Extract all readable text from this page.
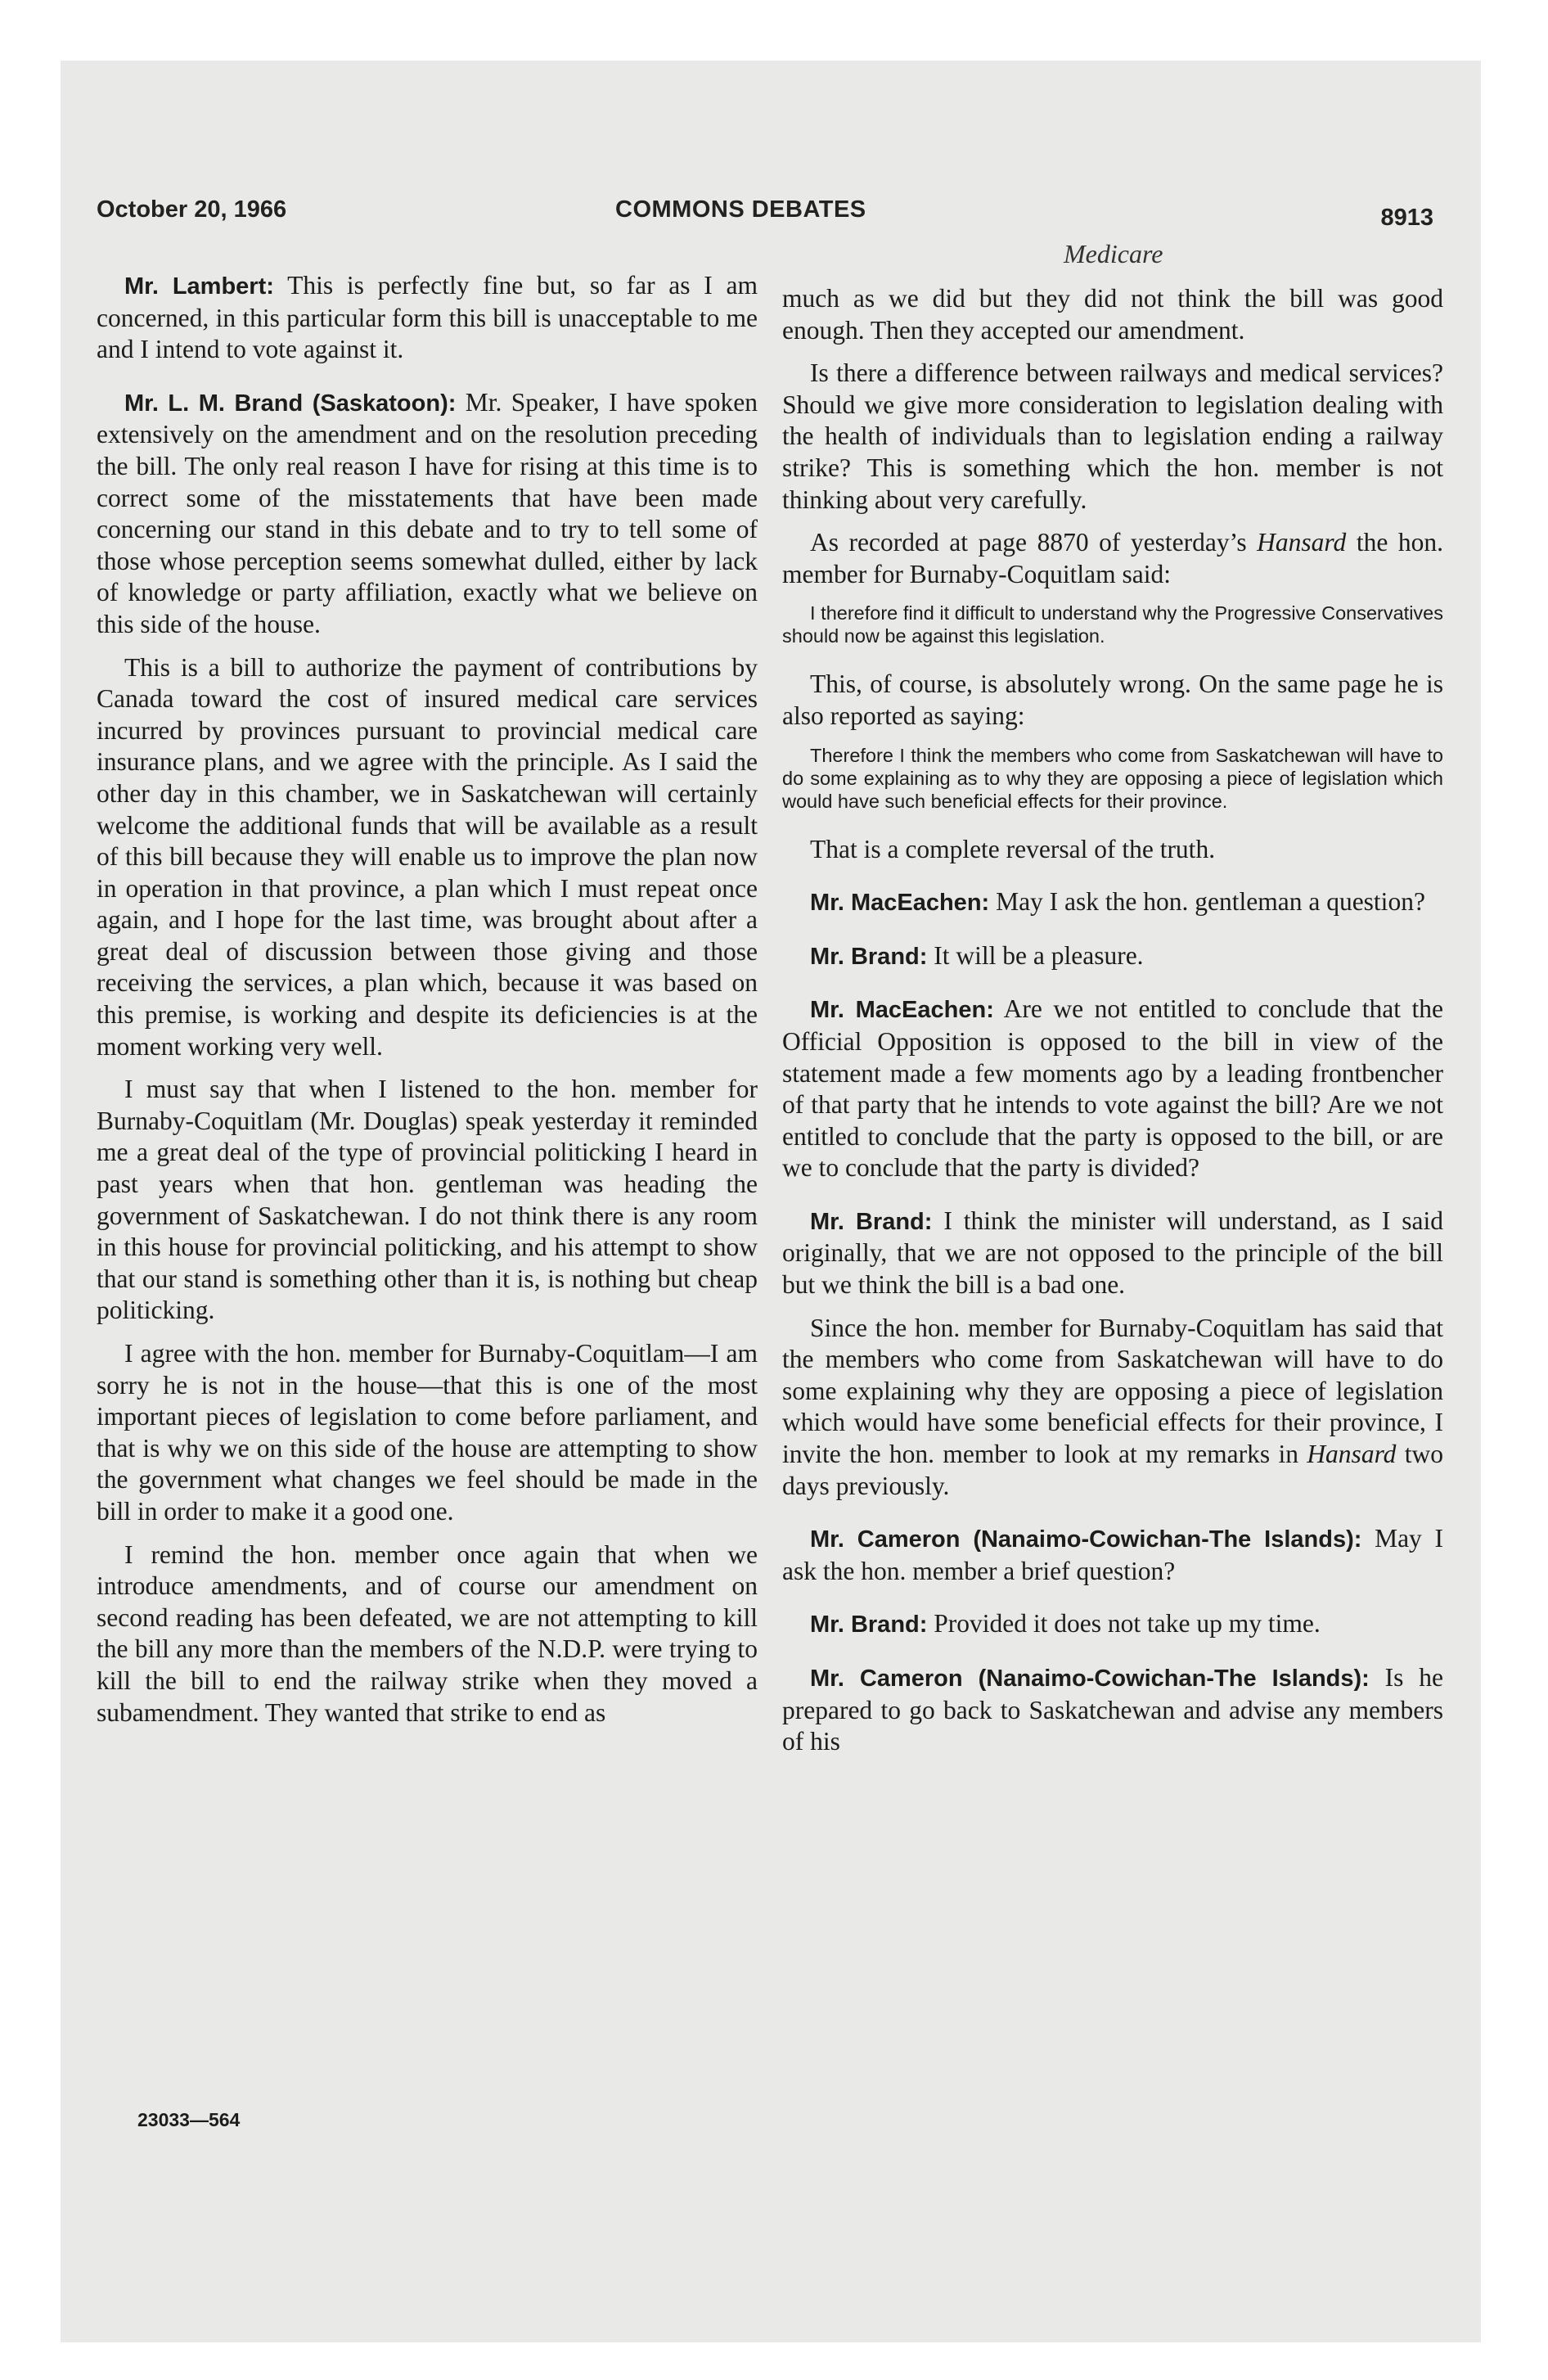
October 20, 1966	COMMONS DEBATES	8913
Medicare

Mr. Lambert: This is perfectly fine but, so far as I am concerned, in this particular form this bill is unacceptable to me and I intend to vote against it.

Mr. L. M. Brand (Saskatoon): Mr. Speaker, I have spoken extensively on the amendment and on the resolution preceding the bill. The only real reason I have for rising at this time is to correct some of the misstatements that have been made concerning our stand in this debate and to try to tell some of those whose perception seems somewhat dulled, either by lack of knowledge or party affiliation, exactly what we believe on this side of the house.

This is a bill to authorize the payment of contributions by Canada toward the cost of insured medical care services incurred by provinces pursuant to provincial medical care insurance plans, and we agree with the principle. As I said the other day in this chamber, we in Saskatchewan will certainly welcome the additional funds that will be available as a result of this bill because they will enable us to improve the plan now in operation in that province, a plan which I must repeat once again, and I hope for the last time, was brought about after a great deal of discussion between those giving and those receiving the services, a plan which, because it was based on this premise, is working and despite its deficiencies is at the moment working very well.

I must say that when I listened to the hon. member for Burnaby-Coquitlam (Mr. Douglas) speak yesterday it reminded me a great deal of the type of provincial politicking I heard in past years when that hon. gentleman was heading the government of Saskatchewan. I do not think there is any room in this house for provincial politicking, and his attempt to show that our stand is something other than it is, is nothing but cheap politicking.

I agree with the hon. member for Burnaby-Coquitlam—I am sorry he is not in the house—that this is one of the most important pieces of legislation to come before parliament, and that is why we on this side of the house are attempting to show the government what changes we feel should be made in the bill in order to make it a good one.

I remind the hon. member once again that when we introduce amendments, and of course our amendment on second reading has been defeated, we are not attempting to kill the bill any more than the members of the N.D.P. were trying to kill the bill to end the railway strike when they moved a subamendment. They wanted that strike to end as

much as we did but they did not think the bill was good enough. Then they accepted our amendment.

Is there a difference between railways and medical services? Should we give more consideration to legislation dealing with the health of individuals than to legislation ending a railway strike? This is something which the hon. member is not thinking about very carefully.

As recorded at page 8870 of yesterday’s Hansard the hon. member for Burnaby-Coquitlam said:

I therefore find it difficult to understand why the Progressive Conservatives should now be against this legislation.

This, of course, is absolutely wrong. On the same page he is also reported as saying:

Therefore I think the members who come from Saskatchewan will have to do some explaining as to why they are opposing a piece of legislation which would have such beneficial effects for their province.

That is a complete reversal of the truth.

Mr. MacEachen: May I ask the hon. gentleman a question?

Mr. Brand: It will be a pleasure.

Mr. MacEachen: Are we not entitled to conclude that the Official Opposition is opposed to the bill in view of the statement made a few moments ago by a leading frontbencher of that party that he intends to vote against the bill? Are we not entitled to conclude that the party is opposed to the bill, or are we to conclude that the party is divided?

Mr. Brand: I think the minister will understand, as I said originally, that we are not opposed to the principle of the bill but we think the bill is a bad one.

Since the hon. member for Burnaby-Coquitlam has said that the members who come from Saskatchewan will have to do some explaining why they are opposing a piece of legislation which would have some beneficial effects for their province, I invite the hon. member to look at my remarks in Hansard two days previously.

Mr. Cameron (Nanaimo-Cowichan-The Islands): May I ask the hon. member a brief question?

Mr. Brand: Provided it does not take up my time.

Mr. Cameron (Nanaimo-Cowichan-The Islands): Is he prepared to go back to Saskatchewan and advise any members of his

23033—564
